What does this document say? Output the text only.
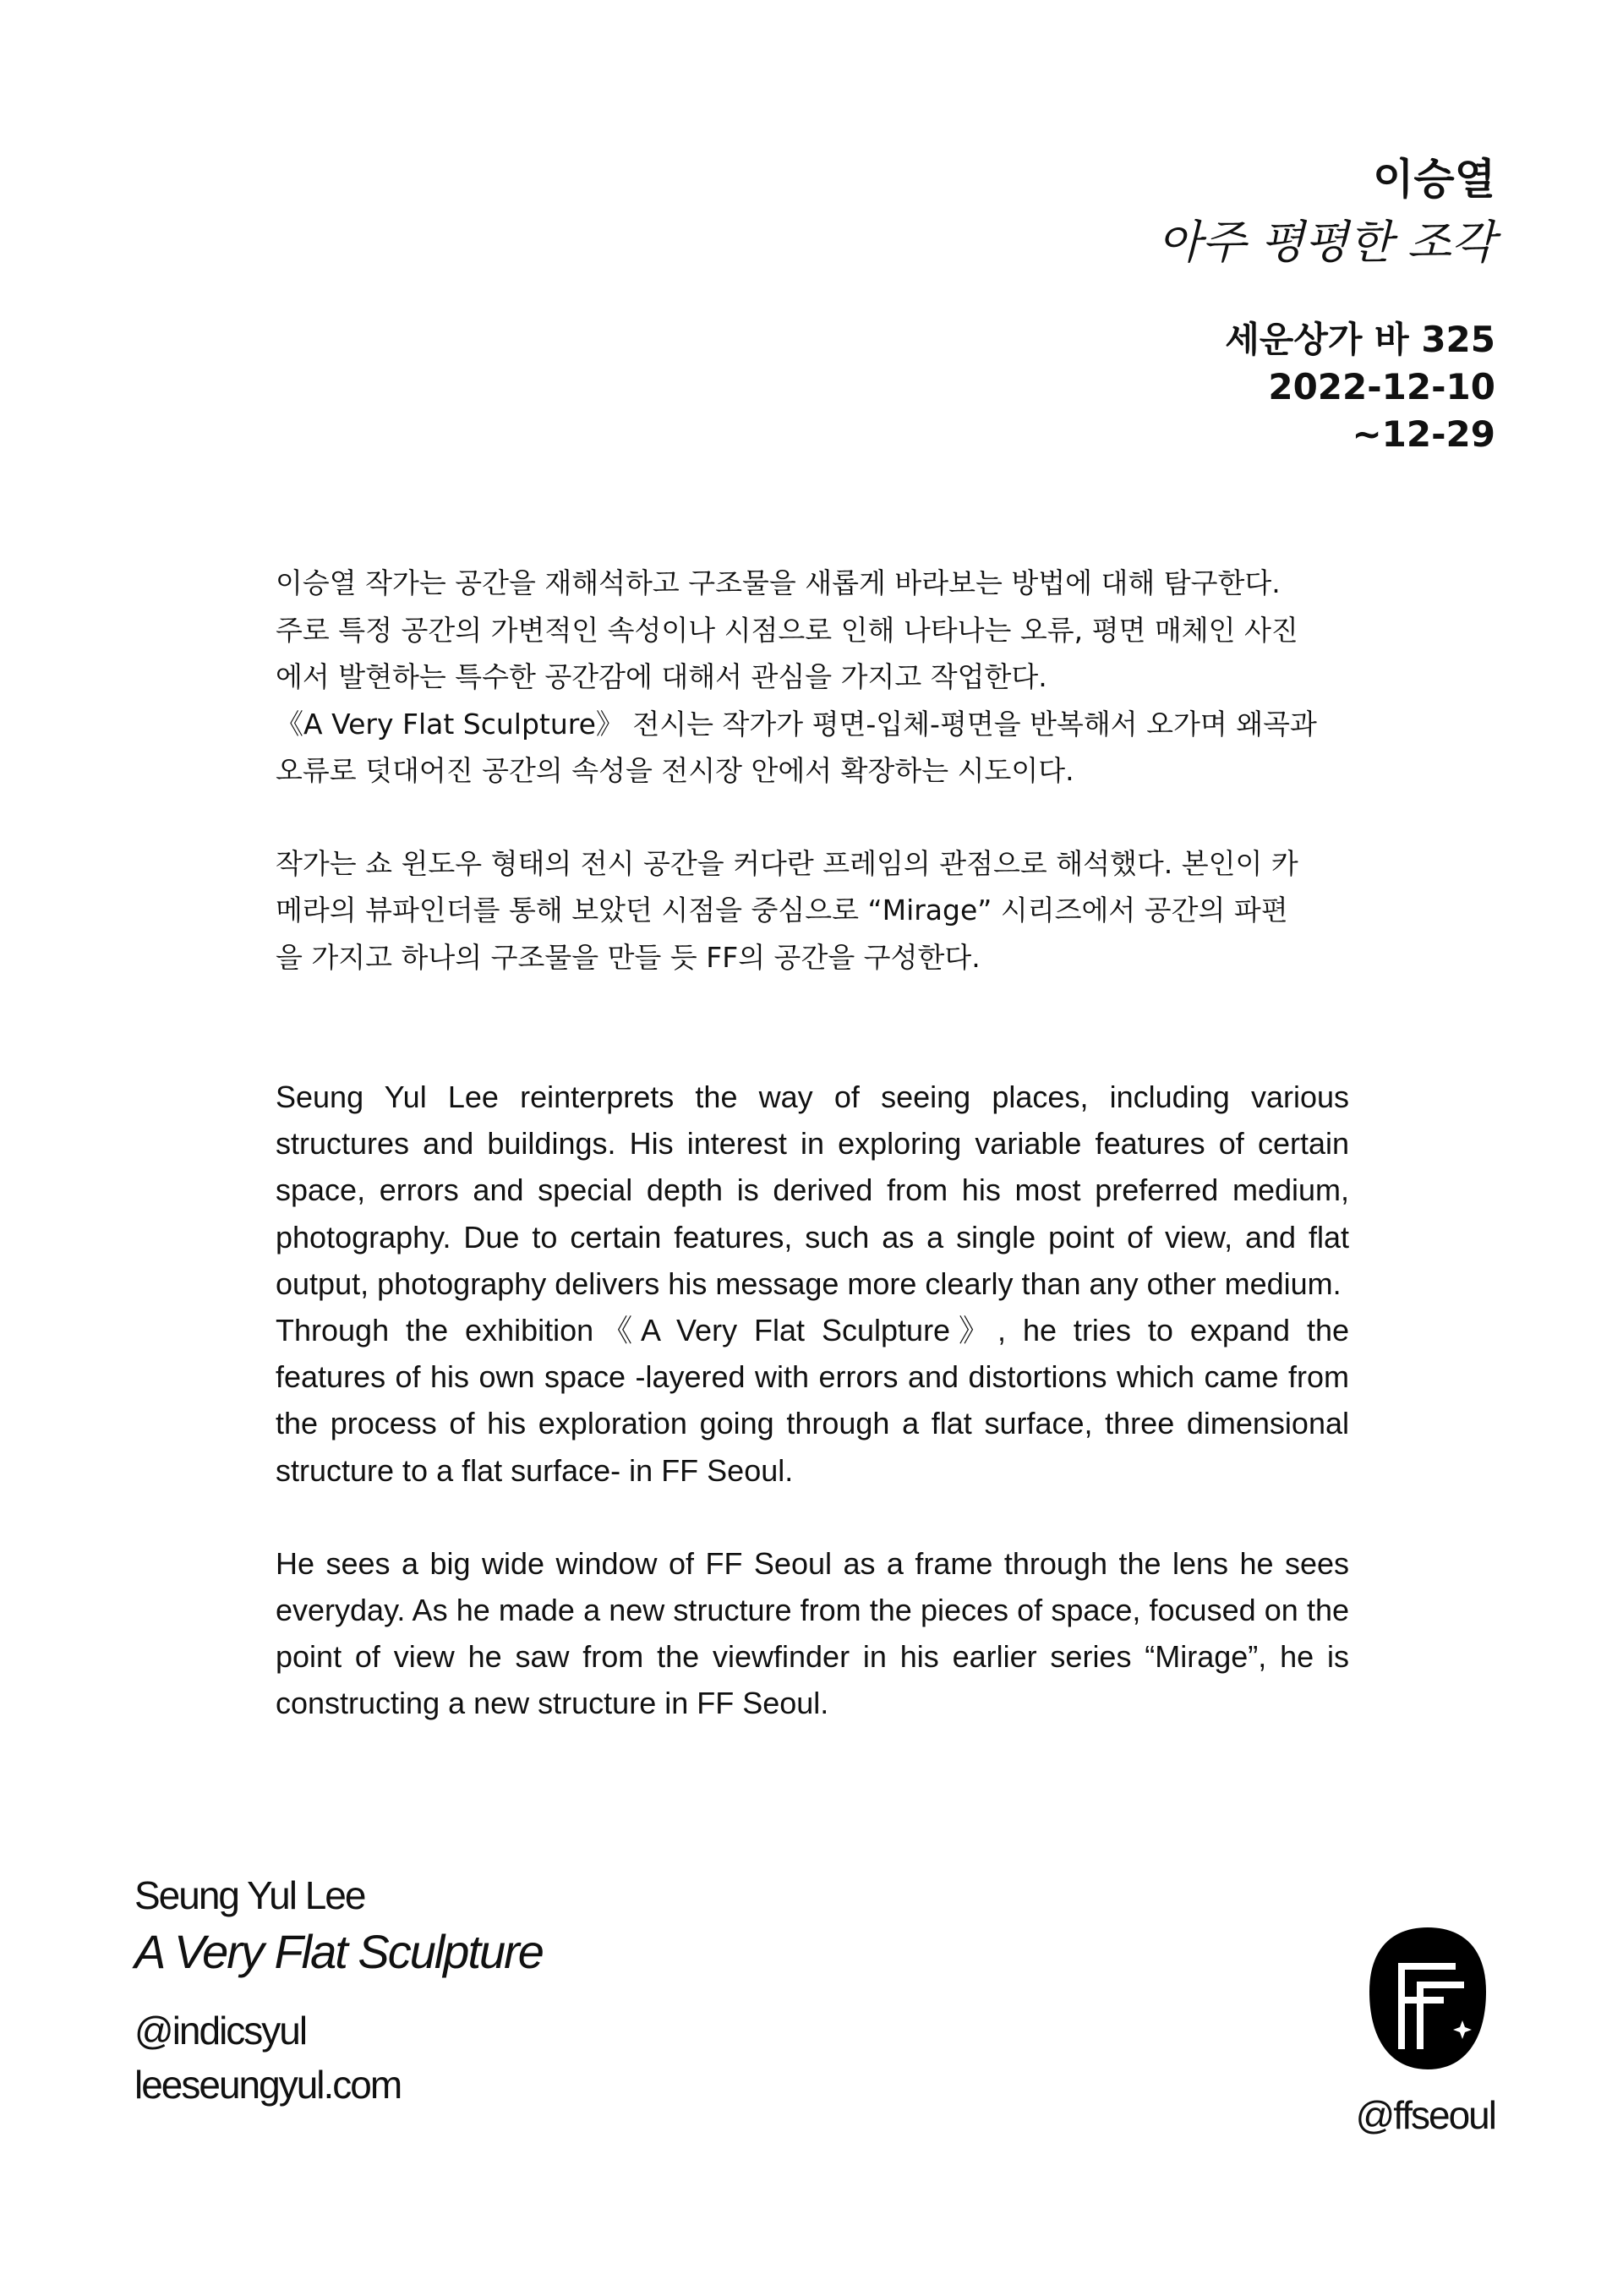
이승열
아주 평평한 조각
세운상가 바 325
2022-12-10
~12-29

이승열 작가는 공간을 재해석하고 구조물을 새롭게 바라보는 방법에 대해 탐구한다.

주로 특정 공간의 가변적인 속성이나 시점으로 인해 나타나는 오류, 평면 매체인 사진

에서 발현하는 특수한 공간감에 대해서 관심을 가지고 작업한다.

《A Very Flat Sculpture》 전시는 작가가 평면-입체-평면을 반복해서 오가며 왜곡과

오류로 덧대어진 공간의 속성을 전시장 안에서 확장하는 시도이다.

작가는 쇼 윈도우 형태의 전시 공간을 커다란 프레임의 관점으로 해석했다. 본인이 카

메라의 뷰파인더를 통해 보았던 시점을 중심으로 “Mirage” 시리즈에서 공간의 파편

을 가지고 하나의 구조물을 만들 듯 FF의 공간을 구성한다.

Seung Yul Lee reinterprets the way of seeing places, including various structures and buildings. His interest in exploring variable features of certain space, errors and special depth is derived from his most preferred medium, photography. Due to certain features, such as a single point of view, and flat output, photography delivers his message more clearly than any other medium.

Through the exhibition《A Very Flat Sculpture》, he tries to expand the features of his own space -layered with errors and distortions which came from the process of his exploration going through a flat surface, three dimensional structure to a flat surface- in FF Seoul.

He sees a big wide window of FF Seoul as a frame through the lens he sees everyday. As he made a new structure from the pieces of space, focused on the point of view he saw from the viewfinder in his earlier series “Mirage”, he is constructing a new structure in FF Seoul.

Seung Yul Lee
A Very Flat Sculpture
@indicsyul
leeseungyul.com
@ffseoul
